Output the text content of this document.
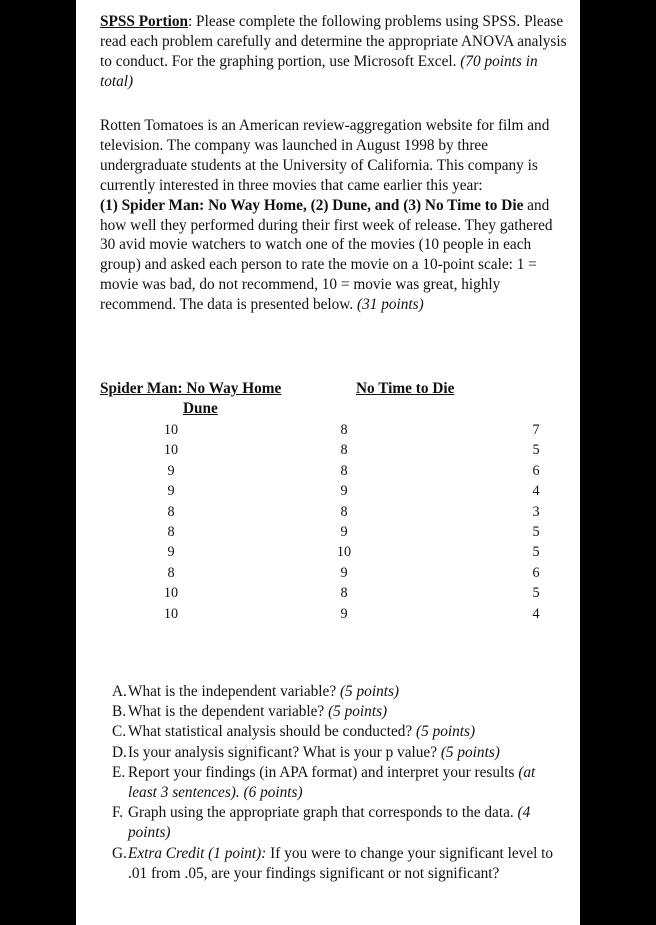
SPSS Portion: Please complete the following problems using SPSS. Please read each problem carefully and determine the appropriate ANOVA analysis to conduct. For the graphing portion, use Microsoft Excel. (70 points in total)
Rotten Tomatoes is an American review-aggregation website for film and television. The company was launched in August 1998 by three undergraduate students at the University of California. This company is currently interested in three movies that came earlier this year:
(1) Spider Man: No Way Home, (2) Dune, and (3) No Time to Die and how well they performed during their first week of release. They gathered 30 avid movie watchers to watch one of the movies (10 people in each group) and asked each person to rate the movie on a 10-point scale: 1 = movie was bad, do not recommend, 10 = movie was great, highly recommend. The data is presented below. (31 points)
Spider Man: No Way Home	No Time to Die
Dune
10
10
9
9
8
8
9
8
10
10
8
8
8
9
8
9
10
9
8
9
7
5
6
4
3
5
5
6
5
4
A. What is the independent variable? (5 points)
B. What is the dependent variable? (5 points)
C. What statistical analysis should be conducted? (5 points)
D. Is your analysis significant? What is your p value? (5 points)
E. Report your findings (in APA format) and interpret your results (at least 3 sentences). (6 points)
F. Graph using the appropriate graph that corresponds to the data. (4 points)
G. Extra Credit (1 point): If you were to change your significant level to .01 from .05, are your findings significant or not significant?
